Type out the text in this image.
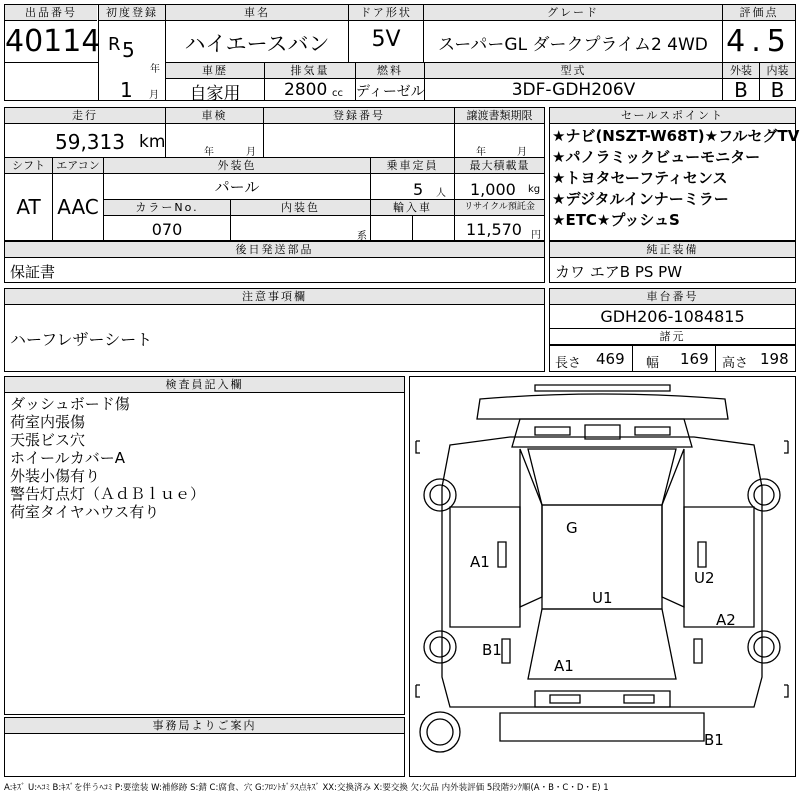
出品番号
40114
初度登録
R 5
年
1 月
車名
ハイエースバン
ドア形状
5V
グレード
スーパーGL ダークプライム2 4WD
評価点
4.5
外装	内装
B	B
車歴
自家用
排気量
2800 cc
燃料
ディーゼル
型式
3DF-GDH206V
走行
59,313 km
車検
年	月
登録番号	譲渡書類期限
年	月
シフト
AT
エアコン
AAC
外装色
パール
乗車定員
5 人
最大積載量
1,000 kg
カラーNo.
070
内装色
系
輸入車	リサイクル預託金
11,570 円
後日発送部品
保証書
注意事項欄
ハーフレザーシート
セールスポイント
★ナビ(NSZT-W68T)★フルセグTV
★パノラミックビューモニター
★トヨタセーフティセンス
★デジタルインナーミラー
★ETC★プッシュS
純正装備
カワ エアB PS PW
車台番号
GDH206-1084815
諸元
長さ 469 幅 169 高さ 198
検査員記入欄
ダッシュボード傷
荷室内張傷
天張ビス穴
ホイールカバーA
外装小傷有り
警告灯点灯（ＡｄＢｌｕｅ）
荷室タイヤハウス有り
事務局よりご案内
G
A1
U2
U1
A2
B1
A1
B1
A:ｷｽﾞ U:ﾍｺﾐ B:ｷｽﾞを伴うﾍｺﾐ P:要塗装 W:補修跡 S:錆 C:腐食、穴 G:ﾌﾛﾝﾄｶﾞﾗｽ点ｷｽﾞ XX:交換済み X:要交換 欠:欠品 内外装評価 5段階ﾗﾝｸ順(A・B・C・D・E) 1
